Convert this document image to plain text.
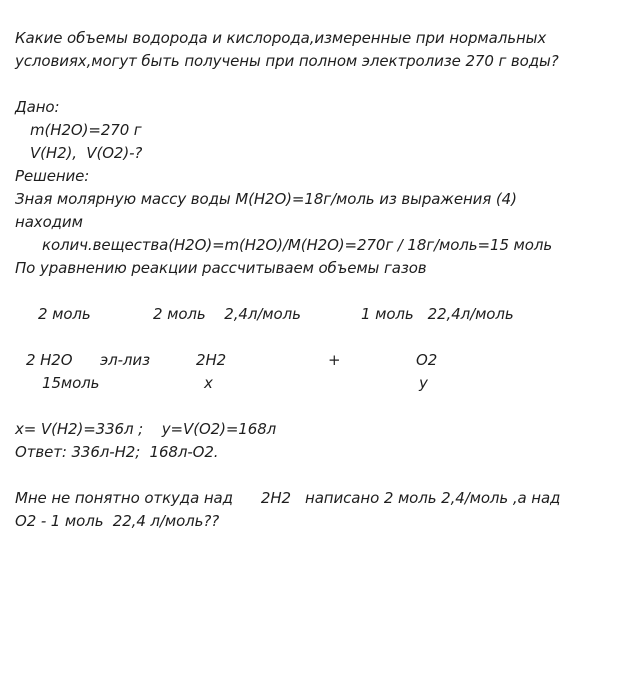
Какие объемы водорода и кислорода,измеренные при нормальных
условиях,могут быть получены при полном электролизе 270 г воды?
Дано:
m(H2O)=270 г
V(H2),  V(O2)-?
Решение:
Зная молярную массу воды M(H2O)=18г/моль из выражения (4)
находим
колич.вещества(H2O)=m(H2O)/M(H2O)=270г / 18г/моль=15 моль
По уравнению реакции рассчитываем объемы газов
2 моль	2 моль    2,4л/моль	1 моль   22,4л/моль
2 H2O эл-лиз	2H2	+	O2
15моль	x	y
x= V(H2)=336л ;    y=V(O2)=168л
Ответ: 336л-H2;  168л-O2.
Мне не понятно откуда над      2H2   написано 2 моль 2,4/моль ,а над
O2 - 1 моль  22,4 л/моль??
